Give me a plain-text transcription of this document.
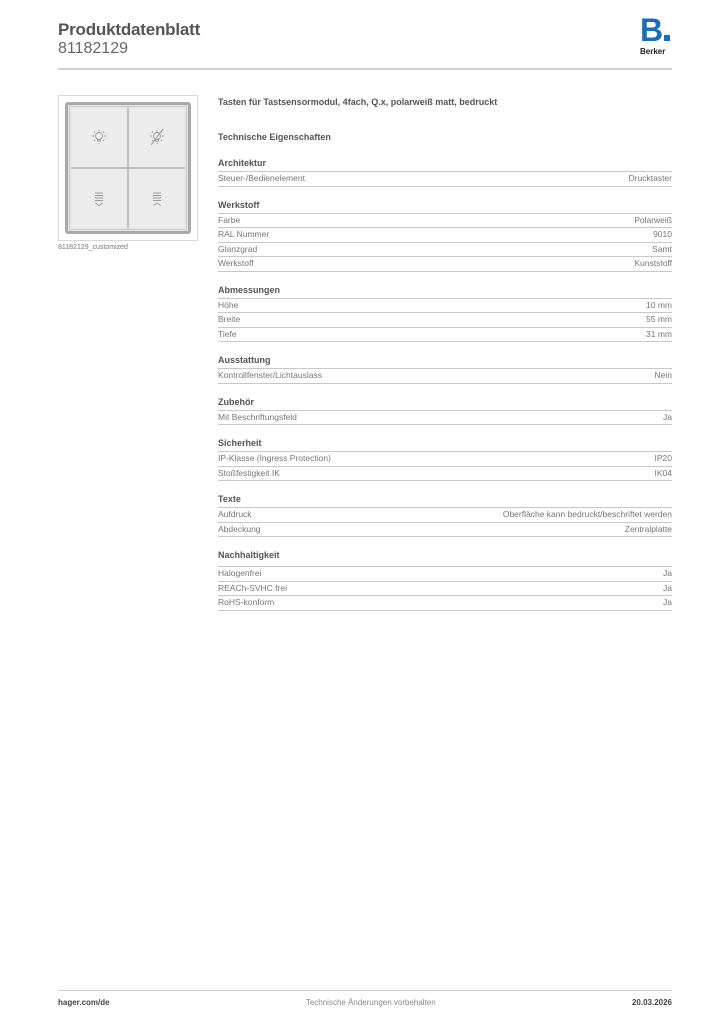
Produktdatenblatt
81182129
B
Berker
81182129_customized
Tasten für Tastsensormodul, 4fach, Q.x, polarweiß matt, bedruckt
Technische Eigenschaften
Architektur
Steuer-/Bedienelement	Drucktaster
Werkstoff
Farbe	Polarweiß
RAL Nummer	9010
Glanzgrad	Samt
Werkstoff	Kunststoff
Abmessungen
Höhe	10 mm
Breite	55 mm
Tiefe	31 mm
Ausstattung
Kontrollfenster/Lichtauslass	Nein
Zubehör
Mit Beschriftungsfeld	Ja
Sicherheit
IP-Klasse (Ingress Protection)	IP20
Stoßfestigkeit IK	IK04
Texte
Aufdruck	Oberfläche kann bedruckt/beschriftet werden
Abdeckung	Zentralplatte
Nachhaltigkeit
Halogenfrei	Ja
REACh-SVHC frei	Ja
RoHS-konform	Ja
hager.com/de	Technische Änderungen vorbehalten	20.03.2026
